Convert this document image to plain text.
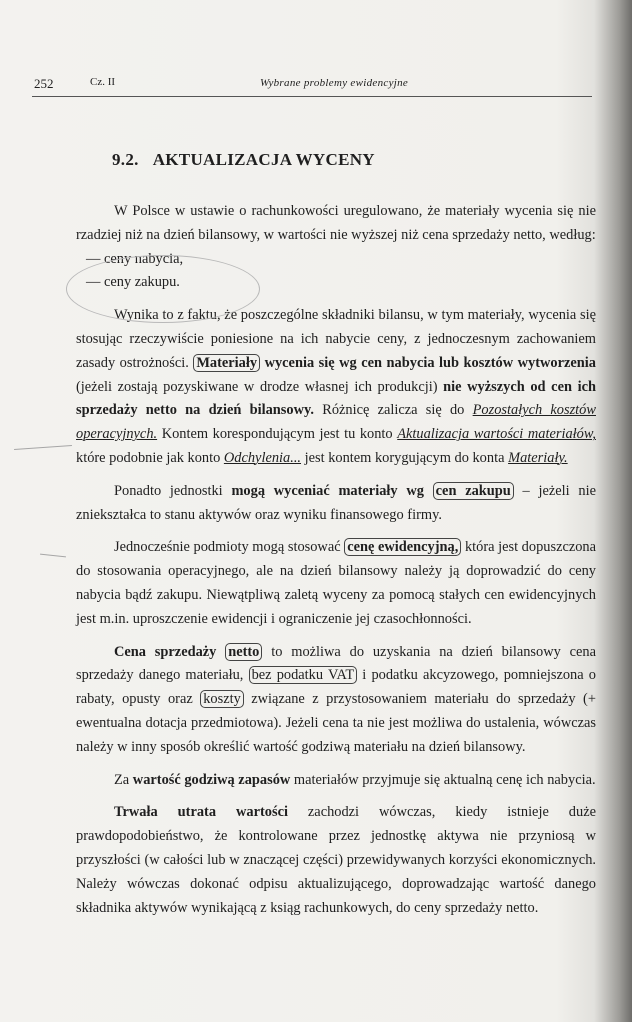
252	Cz. II	Wybrane problemy ewidencyjne
9.2. AKTUALIZACJA WYCENY

W Polsce w ustawie o rachunkowości uregulowano, że materiały wycenia się nie rzadziej niż na dzień bilansowy, w wartości nie wyższej niż cena sprzedaży netto, według:

— ceny nabycia,

— ceny zakupu.

Wynika to z faktu, że poszczególne składniki bilansu, w tym materiały, wycenia się stosując rzeczywiście poniesione na ich nabycie ceny, z jednoczesnym zachowaniem zasady ostrożności. Materiały wycenia się wg cen nabycia lub kosztów wytworzenia (jeżeli zostają pozyskiwane w drodze własnej ich produkcji) nie wyższych od cen ich sprzedaży netto na dzień bilansowy. Różnicę zalicza się do Pozostałych kosztów operacyjnych. Kontem korespondującym jest tu konto Aktualizacja wartości materiałów, które podobnie jak konto Odchylenia... jest kontem korygującym do konta Materiały.

Ponadto jednostki mogą wyceniać materiały wg cen zakupu – jeżeli nie zniekształca to stanu aktywów oraz wyniku finansowego firmy.

Jednocześnie podmioty mogą stosować cenę ewidencyjną, która jest dopuszczona do stosowania operacyjnego, ale na dzień bilansowy należy ją doprowadzić do ceny nabycia bądź zakupu. Niewątpliwą zaletą wyceny za pomocą stałych cen ewidencyjnych jest m.in. uproszczenie ewidencji i ograniczenie jej czasochłonności.

Cena sprzedaży netto to możliwa do uzyskania na dzień bilansowy cena sprzedaży danego materiału, bez podatku VAT i podatku akcyzowego, pomniejszona o rabaty, opusty oraz koszty związane z przystosowaniem materiału do sprzedaży (+ ewentualna dotacja przedmiotowa). Jeżeli cena ta nie jest możliwa do ustalenia, wówczas należy w inny sposób określić wartość godziwą materiału na dzień bilansowy.

Za wartość godziwą zapasów materiałów przyjmuje się aktualną cenę ich nabycia.

Trwała utrata wartości zachodzi wówczas, kiedy istnieje duże prawdopodobieństwo, że kontrolowane przez jednostkę aktywa nie przyniosą w przyszłości (w całości lub w znaczącej części) przewidywanych korzyści ekonomicznych. Należy wówczas dokonać odpisu aktualizującego, doprowadzając wartość danego składnika aktywów wynikającą z ksiąg rachunkowych, do ceny sprzedaży netto.
